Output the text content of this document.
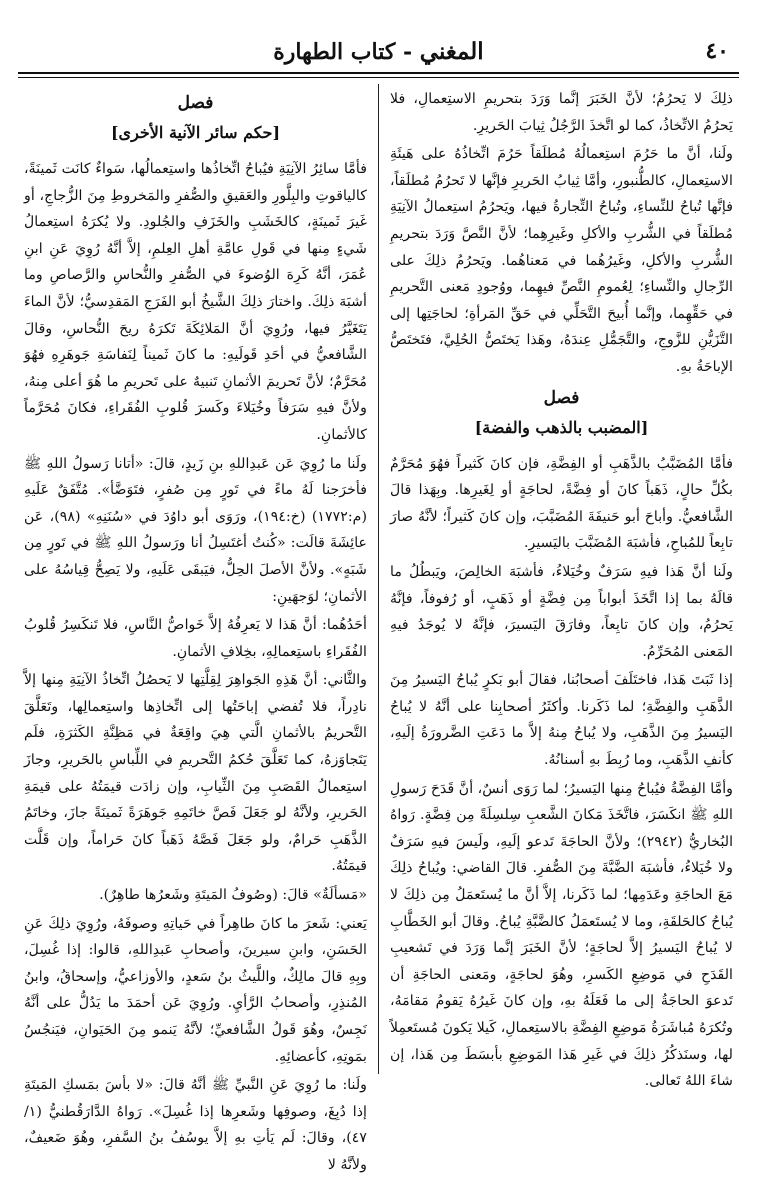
٤٠
المغني - كتاب الطهارة

ذلِكَ لا يَحرُمُ؛ لأنَّ الخَبَرَ إنَّما وَرَدَ بتحريمِ الاستِعمالِ، فلا يَحرُمُ الاتِّخاذُ، كما لو اتَّخذَ الرَّجُلُ ثِيابَ الحَريرِ.

ولَنا، أنَّ ما حَرُمَ استِعمالُهُ مُطلَقاً حَرُمَ اتِّخاذُهُ على هَيئَةِ الاستِعمالِ، كالطُّنبورِ، وأمَّا ثِيابُ الحَريرِ فإنَّها لا تَحرُمُ مُطلَقاً، فإنَّها تُباحُ للنِّساءِ، وتُباحُ التِّجارةُ فيها، ويَحرُمُ استِعمالُ الآنِيَةِ مُطلَقاً في الشُّربِ والأكلِ وغَيرِهِما؛ لأنَّ النَّصَّ وَرَدَ بتحريمِ الشُّربِ والأكلِ، وغَيرُهُما في مَعناهُما. ويَحرُمُ ذلِكَ على الرِّجالِ والنِّساءِ؛ لِعُمومِ النَّصِّ فيهِما، ووُجودِ مَعنى التَّحريمِ في حَقِّهِما، وإنَّما أُبيحَ التَّحَلِّي في حَقِّ المَرأةِ؛ لحاجَتِها إلى التَّزَيُّنِ للزَّوجِ، والتَّجَمُّلِ عِندَهُ، وهَذا يَختَصُّ الحُلِيَّ، فتَختَصُّ الإباحَةُ بهِ.

فصل
[المضبب بالذهب والفضة]

فأمَّا المُضَبَّبُ بالذَّهَبِ أو الفِضَّةِ، فإن كانَ كَثيراً فهُوَ مُحَرَّمٌ بكُلِّ حالٍ، ذَهَباً كانَ أو فِضَّةً، لحاجَةٍ أو لِغَيرِها. وبِهَذا قالَ الشَّافعيُّ. وأباحَ أبو حَنيفَةَ المُضَبَّبَ، وإن كانَ كَثيراً؛ لأنَّهُ صارَ تابِعاً للمُباحِ، فأشبَهَ المُضَبَّبَ باليَسيرِ.

ولَنا أنَّ هَذا فيهِ سَرَفٌ وخُيَلاءُ، فأشبَهَ الخالِصَ، ويَبطُلُ ما قالَهُ بما إذا اتَّخَذَ أبواباً مِن فِضَّةٍ أو ذَهَبٍ، أو رُفوفاً، فإنَّهُ يَحرُمُ، وإن كانَ تابِعاً، وفارَقَ اليَسيرَ، فإنَّهُ لا يُوجَدُ فيهِ المَعنى المُحَرِّمُ.

إذا ثَبَتَ هَذا، فاختَلَفَ أصحابُنا، فقالَ أبو بَكرٍ يُباحُ اليَسيرُ مِنَ الذَّهَبِ والفِضَّةِ؛ لما ذَكَرنا. وأكثَرُ أصحابِنا على أنَّهُ لا يُباحُ اليَسيرُ مِنَ الذَّهَبِ، ولا يُباحُ مِنهُ إلاَّ ما دَعَتِ الضَّرورَةُ إلَيهِ، كأنفِ الذَّهَبِ، وما رُبِطَ بهِ أسنانُهُ.

وأمَّا الفِضَّةُ فيُباحُ مِنها اليَسيرُ؛ لما رَوَى أنسٌ، أنَّ قَدَحَ رَسولِ اللهِ ﷺ انكَسَرَ، فاتَّخَذَ مَكانَ الشَّعبِ سِلسِلَةً مِن فِضَّةٍ. رَواهُ البُخاريُّ (٢٩٤٢)؛ ولأنَّ الحاجَةَ تَدعو إلَيهِ، ولَيسَ فيهِ سَرَفٌ ولا خُيَلاءُ، فأشبَهَ الضَّبَّةَ مِنَ الصُّفرِ. قالَ القاضي: ويُباحُ ذلِكَ مَعَ الحاجَةِ وعَدَمِها؛ لما ذَكَرنا، إلاَّ أنَّ ما يُستَعمَلُ مِن ذلِكَ لا يُباحُ كالحَلقَةِ، وما لا يُستَعمَلُ كالضَّبَّةِ يُباحُ. وقالَ أبو الخَطَّابِ لا يُباحُ اليَسيرُ إلاَّ لحاجَةٍ؛ لأنَّ الخَبَرَ إنَّما وَرَدَ في تَشعيبِ القَدَحِ في مَوضِعِ الكَسرِ، وهُوَ لحاجَةٍ، ومَعنى الحاجَةِ أن تَدعوَ الحاجَةُ إلى ما فَعَلَهُ بهِ، وإن كانَ غَيرُهُ يَقومُ مَقامَهُ، وتُكرَهُ مُباشَرَةُ مَوضِعِ الفِضَّةِ بالاستِعمالِ، كَيلا يَكونَ مُستَعمِلاً لها، وسنَذكُرُ ذلِكَ في غَيرِ هَذا المَوضِعِ بأبسَطَ مِن هَذا، إن شاءَ اللهُ تَعالى.

فصل
[حكم سائر الآنية الأخرى]

فأمَّا سائِرُ الآنِيَةِ فيُباحُ اتِّخاذُها واستِعمالُها، سَواءٌ كانَت ثَمينَةً، كالياقوتِ والبِلَّورِ والعَقيقِ والصُّفرِ والمَخروطِ مِنَ الزُّجاجِ، أو غَيرَ ثَمينَةٍ، كالخَشَبِ والخَزَفِ والجُلودِ. ولا يُكرَهُ استِعمالُ شَيءٍ مِنها في قَولِ عامَّةِ أهلِ العِلمِ، إلاَّ أنَّهُ رُوِيَ عَنِ ابنِ عُمَرَ، أنَّهُ كَرِهَ الوُضوءَ في الصُّفرِ والنُّحاسِ والرَّصاصِ وما أشبَهَ ذلِكَ. واختارَ ذلِكَ الشَّيخُ أبو الفَرَجِ المَقدِسيُّ؛ لأنَّ الماءَ يَتَغَيَّرُ فيها، ورُوِيَ أنَّ المَلائِكَةَ تَكرَهُ ريحَ النُّحاسِ، وقالَ الشَّافعيُّ في أحَدِ قَولَيهِ: ما كانَ ثَميناً لِنَفاسَةِ جَوهَرِهِ فهُوَ مُحَرَّمٌ؛ لأنَّ تَحريمَ الأثمانِ تَنبيهٌ على تَحريمِ ما هُوَ أعلى مِنهُ، ولأنَّ فيهِ سَرَفاً وخُيَلاءَ وكَسرَ قُلوبِ الفُقَراءِ، فكانَ مُحَرَّماً كالأثمانِ.

ولَنا ما رُوِيَ عَن عَبدِاللهِ بنِ زَيدٍ، قالَ: «أتانا رَسولُ اللهِ ﷺ فأخرَجنا لَهُ ماءً في تَورٍ مِن صُفرٍ، فتَوَضَّأ». مُتَّفَقٌ عَلَيهِ (م:١٧٧٢) (خ:١٩٤)، ورَوَى أبو داوُدَ في «سُنَنِهِ» (٩٨)، عَن عائِشَةَ قالَت: «كُنتُ أغتَسِلُ أنا ورَسولُ اللهِ ﷺ في تَورٍ مِن شَبَهٍ». ولأنَّ الأصلَ الحِلُّ، فيَبقَى عَلَيهِ، ولا يَصِحُّ قِياسُهُ على الأثمانِ؛ لوَجهَينِ:

أحَدُهُما: أنَّ هَذا لا يَعرِفُهُ إلاَّ خَواصُّ النَّاسِ، فلا تَنكَسِرُ قُلوبُ الفُقَراءِ باستِعمالِهِ، بخِلافِ الأثمانِ.

والثَّاني: أنَّ هَذِهِ الجَواهِرَ لِقِلَّتِها لا يَحصُلُ اتِّخاذُ الآنِيَةِ مِنها إلاَّ نادِراً، فلا تُفضي إباحَتُها إلى اتِّخاذِها واستِعمالِها، وتَعَلَّقَ التَّحريمُ بالأثمانِ الَّتي هِيَ واقِعَةٌ في مَظِنَّةِ الكَثرَةِ، فلَم يَتَجاوَزهُ، كما تَعَلَّقَ حُكمُ التَّحريمِ في اللِّباسِ بالحَريرِ، وجازَ استِعمالُ القَصَبِ مِنَ الثِّيابِ، وإن زادَت قيمَتُهُ على قيمَةِ الحَريرِ، ولأنَّهُ لو جَعَلَ فَصَّ خاتَمِهِ جَوهَرَةً ثَمينَةً جازَ، وخاتَمُ الذَّهَبِ حَرامٌ، ولو جَعَلَ فَصَّهُ ذَهَباً كانَ حَراماً، وإن قَلَّت قيمَتُهُ.

«مَسألَةٌ» قالَ: (وصُوفُ المَيتَةِ وشَعرُها طاهِرٌ).

يَعني: شَعرَ ما كانَ طاهِراً في حَياتِهِ وصوفَهُ، ورُوِيَ ذلِكَ عَنِ الحَسَنِ، وابنِ سيرينَ، وأصحابِ عَبدِاللهِ، قالوا: إذا غُسِلَ، وبِهِ قالَ مالِكٌ، واللَّيثُ بنُ سَعدٍ، والأوزاعيُّ، وإسحاقُ، وابنُ المُنذِرِ، وأصحابُ الرَّأيِ. ورُوِيَ عَن أحمَدَ ما يَدُلُّ على أنَّهُ نَجِسٌ، وهُوَ قَولُ الشَّافعيِّ؛ لأنَّهُ يَنمو مِنَ الحَيَوانِ، فيَنجُسُ بمَوتِهِ، كأعضائِهِ.

ولَنا: ما رُوِيَ عَنِ النَّبيِّ ﷺ أنَّهُ قالَ: «لا بأسَ بمَسكِ المَيتَةِ إذا دُبِغَ، وصوفِها وشَعرِها إذا غُسِلَ». رَواهُ الدَّارَقُطنيُّ (١/ ٤٧)، وقالَ: لَم يَأتِ بهِ إلاَّ يوسُفُ بنُ السَّفرِ، وهُوَ ضَعيفٌ، ولأنَّهُ لا
